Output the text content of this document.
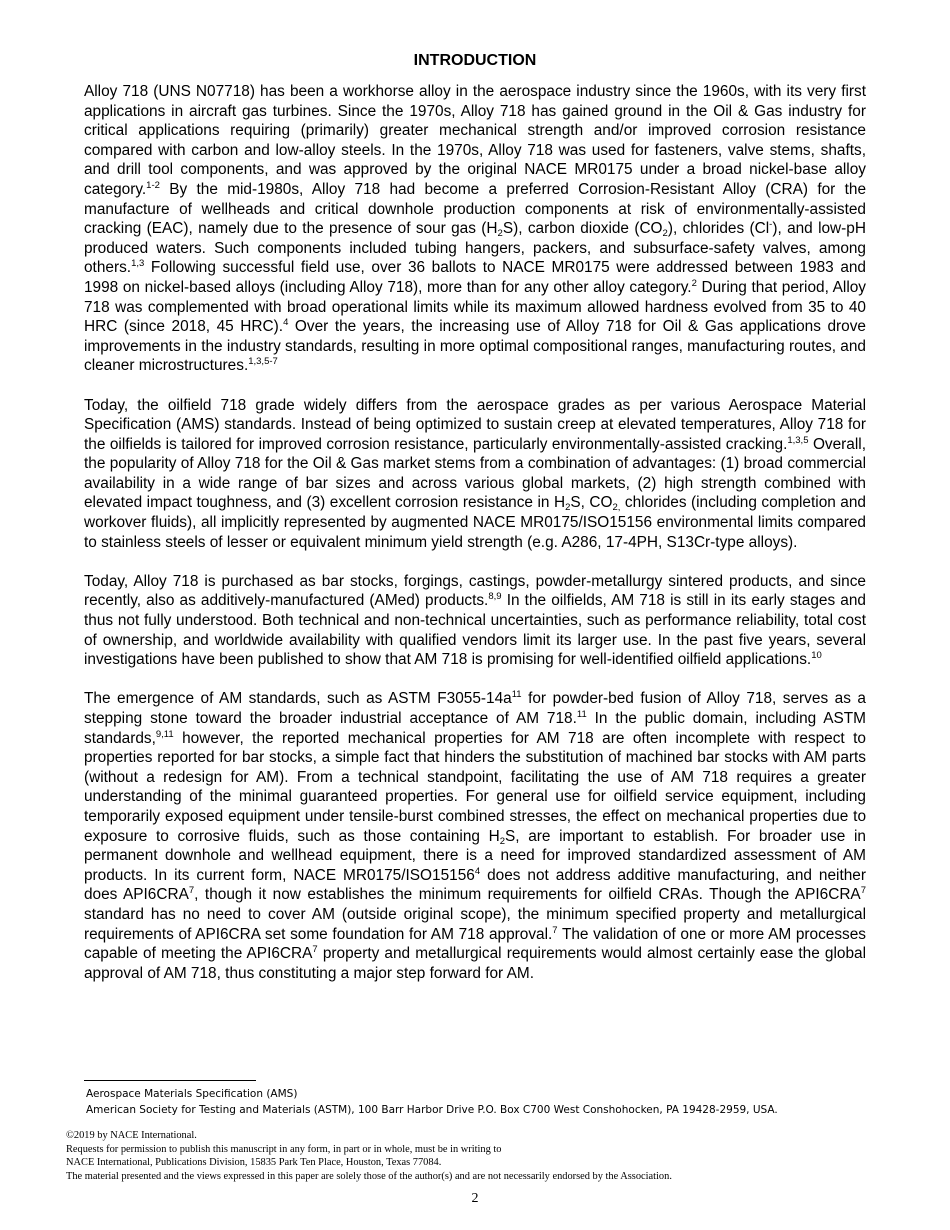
INTRODUCTION

Alloy 718 (UNS N07718) has been a workhorse alloy in the aerospace industry since the 1960s, with its very first applications in aircraft gas turbines. Since the 1970s, Alloy 718 has gained ground in the Oil & Gas industry for critical applications requiring (primarily) greater mechanical strength and/or improved corrosion resistance compared with carbon and low-alloy steels. In the 1970s, Alloy 718 was used for fasteners, valve stems, shafts, and drill tool components, and was approved by the original NACE MR0175 under a broad nickel-base alloy category.$^{1-2}$ By the mid-1980s, Alloy 718 had become a preferred Corrosion-Resistant Alloy (CRA) for the manufacture of wellheads and critical downhole production components at risk of environmentally-assisted cracking (EAC), namely due to the presence of sour gas $(H_2S)$, carbon dioxide $(CO_2)$, chlorides (Cl-), and low-pH produced waters. Such components included tubing hangers, packers, and subsurface-safety valves, among others.$^{1,3}$ Following successful field use, over 36 ballots to NACE MR0175 were addressed between 1983 and 1998 on nickel-based alloys (including Alloy 718), more than for any other alloy category.$^2$ During that period, Alloy 718 was complemented with broad operational limits while its maximum allowed hardness evolved from 35 to 40 HRC (since 2018, 45 HRC).$^4$ Over the years, the increasing use of Alloy 718 for Oil & Gas applications drove improvements in the industry standards, resulting in more optimal compositional ranges, manufacturing routes, and cleaner microstructures.$^{1,3,5-7}$

Today, the oilfield 718 grade widely differs from the aerospace grades as per various Aerospace Material Specification (AMS) standards. Instead of being optimized to sustain creep at elevated temperatures, Alloy 718 for the oilfields is tailored for improved corrosion resistance, particularly environmentally-assisted cracking.$^{1,3,5}$ Overall, the popularity of Alloy 718 for the Oil & Gas market stems from a combination of advantages: (1) broad commercial availability in a wide range of bar sizes and across various global markets, (2) high strength combined with elevated impact toughness, and (3) excellent corrosion resistance in $H_2S$, $CO_{2,}$ chlorides (including completion and workover fluids), all implicitly represented by augmented NACE MR0175/ISO15156 environmental limits compared to stainless steels of lesser or equivalent minimum yield strength (e.g. A286, 17-4PH, S13Cr-type alloys).

Today, Alloy 718 is purchased as bar stocks, forgings, castings, powder-metallurgy sintered products, and since recently, also as additively-manufactured (AMed) products.$^{8,9}$ In the oilfields, AM 718 is still in its early stages and thus not fully understood. Both technical and non-technical uncertainties, such as performance reliability, total cost of ownership, and worldwide availability with qualified vendors limit its larger use. In the past five years, several investigations have been published to show that AM 718 is promising for well-identified oilfield applications.$^{10}$

The emergence of AM standards, such as ASTM $F3055-14a^{11}$ for powder-bed fusion of Alloy 718, serves as a stepping stone toward the broader industrial acceptance of AM 718.11 In the public domain, including ASTM standards,$^{9,11}$ however, the reported mechanical properties for AM 718 are often incomplete with respect to properties reported for bar stocks, a simple fact that hinders the substitution of machined bar stocks with AM parts (without a redesign for AM). From a technical standpoint, facilitating the use of AM 718 requires a greater understanding of the minimal guaranteed properties. For general use for oilfield service equipment, including temporarily exposed equipment under tensile-burst combined stresses, the effect on mechanical properties due to exposure to corrosive fluids, such as those containing $H_2S$, are important to establish. For broader use in permanent downhole and wellhead equipment, there is a need for improved standardized assessment of AM products. In its current form, NACE MR0175/ISO15156$^4$ does not address additive manufacturing, and neither does API6CRA$^7$, though it now establishes the minimum requirements for oilfield CRAs. Though the API6CRA$^7$ standard has no need to cover AM (outside original scope), the minimum specified property and metallurgical requirements of API6CRA set some foundation for AM 718 approval.$^7$ The validation of one or more AM processes capable of meeting the API6CRA$^7$ property and metallurgical requirements would almost certainly ease the global approval of AM 718, thus constituting a major step forward for AM.

Aerospace Materials Specification (AMS)
American Society for Testing and Materials (ASTM), 100 Barr Harbor Drive P.O. Box C700 West Conshohocken, PA 19428-2959, USA.
©2019 by NACE International.
Requests for permission to publish this manuscript in any form, in part or in whole, must be in writing to
NACE International, Publications Division, 15835 Park Ten Place, Houston, Texas 77084.
The material presented and the views expressed in this paper are solely those of the author(s) and are not necessarily endorsed by the Association.
2
